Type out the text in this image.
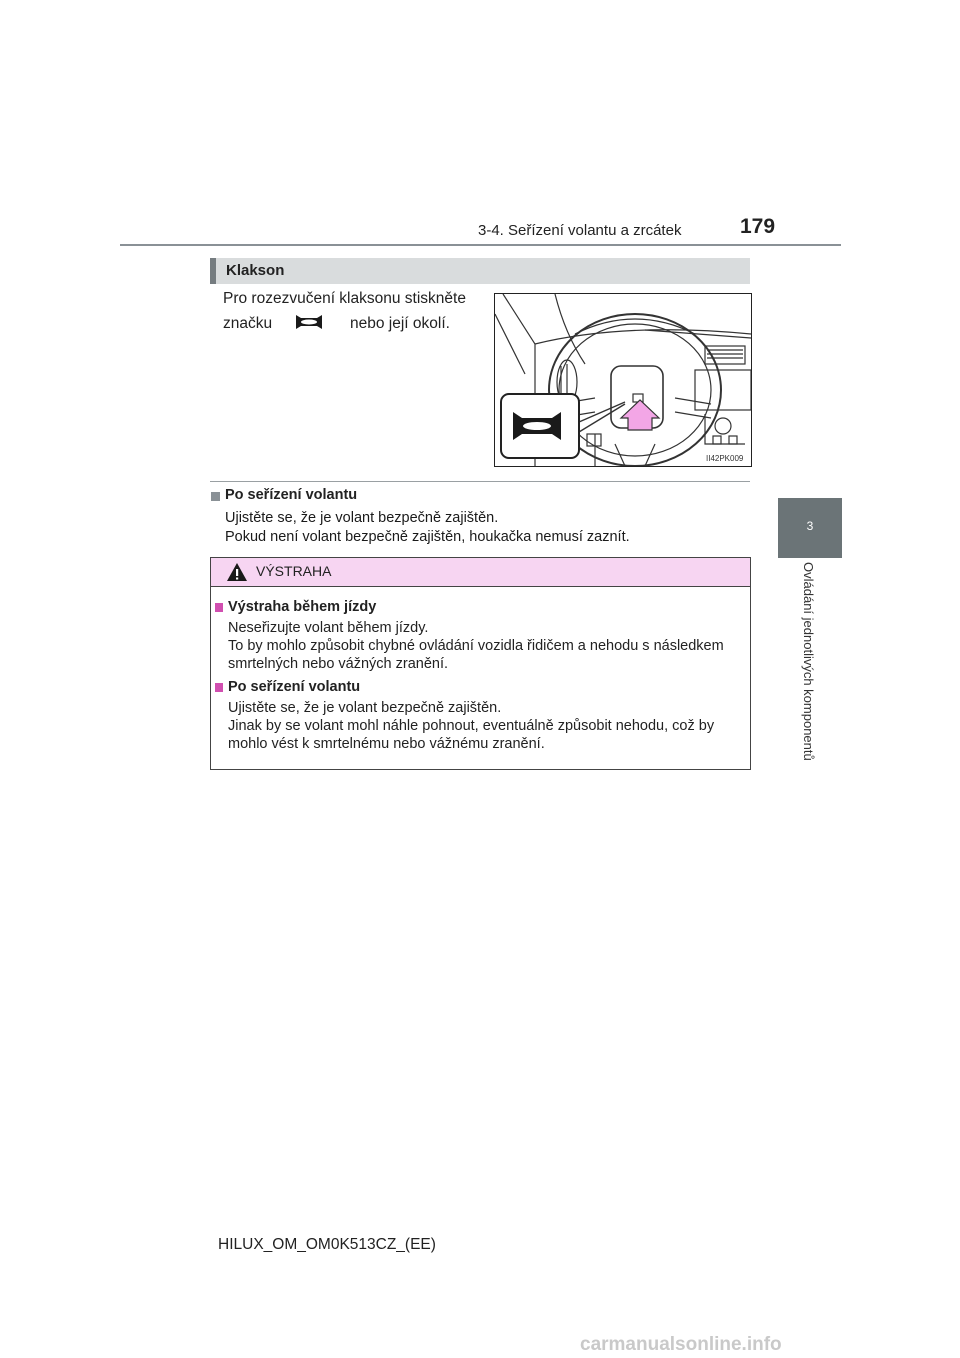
3-4. Seřízení volantu a zrcátek	179
3
Ovládání jednotlivých komponentů
Klakson
Pro rozezvučení klaksonu stiskněte
značku	nebo její okolí.
II42PK009
Po seřízení volantu
Ujistěte se, že je volant bezpečně zajištěn.
Pokud není volant bezpečně zajištěn, houkačka nemusí zaznít.
VÝSTRAHA
Výstraha během jízdy
Neseřizujte volant během jízdy.
To by mohlo způsobit chybné ovládání vozidla řidičem a nehodu s následkem
smrtelných nebo vážných zranění.
Po seřízení volantu
Ujistěte se, že je volant bezpečně zajištěn.
Jinak by se volant mohl náhle pohnout, eventuálně způsobit nehodu, což by
mohlo vést k smrtelnému nebo vážnému zranění.
HILUX_OM_OM0K513CZ_(EE)
carmanualsonline.info
